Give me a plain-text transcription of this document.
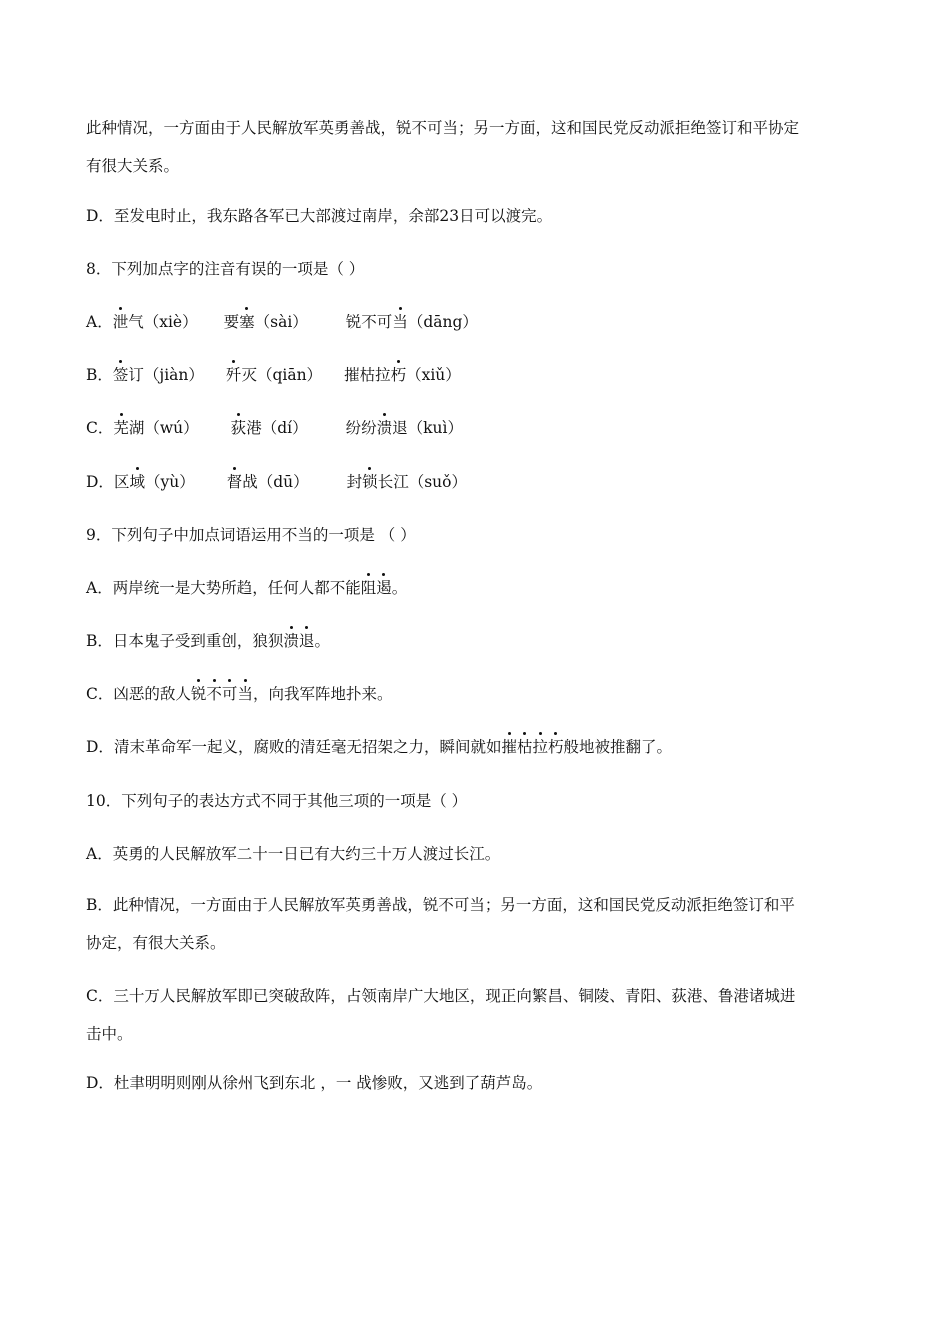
此种情况，一方面由于人民解放军英勇善战，锐不可当；另一方面，这和国民党反动派拒绝签订和平协定
有很大关系。
D．至发电时止，我东路各军已大部渡过南岸，余部23日可以渡完。
8．下列加点字的注音有误的一项是（ ）
A．泄气（xiè） 要塞（sài） 锐不可当（dāng）
B．签订（jiàn） 歼灭（qiān） 摧枯拉朽（xiǔ）
C．芜湖（wú） 荻港（dí） 纷纷溃退（kuì）
D．区域（yù） 督战（dū） 封锁长江（suǒ）
9．下列句子中加点词语运用不当的一项是 （ ）
A．两岸统一是大势所趋，任何人都不能阻遏。
B．日本鬼子受到重创，狼狈溃退。
C．凶恶的敌人锐不可当，向我军阵地扑来。
D．清末革命军一起义，腐败的清廷毫无招架之力，瞬间就如摧枯拉朽般地被推翻了。
10．下列句子的表达方式不同于其他三项的一项是（ ）
A．英勇的人民解放军二十一日已有大约三十万人渡过长江。
B．此种情况，一方面由于人民解放军英勇善战，锐不可当；另一方面，这和国民党反动派拒绝签订和平
协定，有很大关系。
C．三十万人民解放军即已突破敌阵，占领南岸广大地区，现正向繁昌、铜陵、青阳、荻港、鲁港诸城进
击中。
D．杜聿明明则刚从徐州飞到东北 ，一 战惨败，又逃到了葫芦岛。
